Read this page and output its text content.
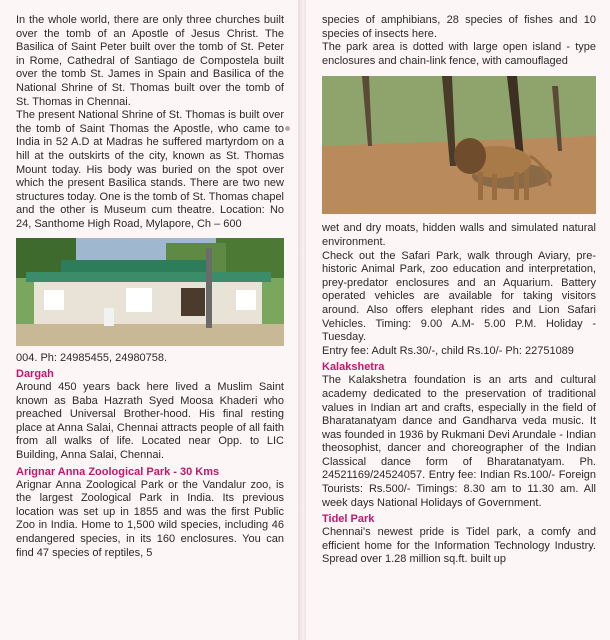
In the whole world, there are only three churches built over the tomb of an Apostle of Jesus Christ. The Basilica of Saint Peter built over the tomb of St. Peter in Rome, Cathedral of Santiago de Compostela built over the tomb St. James in Spain and Basilica of the National Shrine of St. Thomas built over the tomb of St. Thomas in Chennai.

The present National Shrine of St. Thomas is built over the tomb of Saint Thomas the Apostle, who came to India in 52 A.D at Madras he suffered martyrdom on a hill at the outskirts of the city, known as St. Thomas Mount today. His body was buried on the spot over which the present Basilica stands. There are two new structures today. One is the tomb of St. Thomas chapel and the other is Museum cum theatre. Location: No 24, Santhome High Road, Mylapore, Ch – 600

004. Ph: 24985455, 24980758.

Dargah

Around 450 years back here lived a Muslim Saint known as Baba Hazrath Syed Moosa Khaderi who preached Universal Brother-hood. His final resting place at Anna Salai, Chennai attracts people of all faith from all walks of life. Located near Opp. to LIC Building, Anna Salai, Chennai.

Arignar Anna Zoological Park - 30 Kms

Arignar Anna Zoological Park or the Vandalur zoo, is the largest Zoological Park in India. Its previous location was set up in 1855 and was the first Public Zoo in India. Home to 1,500 wild species, including 46 endangered species, in its 160 enclosures. You can find 47 species of reptiles, 5

species of amphibians, 28 species of fishes and 10 species of insects here.

The park area is dotted with large open island - type enclosures and chain-link fence, with camouflaged

wet and dry moats, hidden walls and simulated natural environment.

Check out the Safari Park, walk through Aviary, pre-historic Animal Park, zoo education and interpretation, prey-predator enclosures and an Aquarium. Battery operated vehicles are available for taking visitors around. Also offers elephant rides and Lion Safari Vehicles. Timing: 9.00 A.M- 5.00 P.M. Holiday - Tuesday.

Entry fee: Adult Rs.30/-, child Rs.10/- Ph: 22751089

Kalakshetra

The Kalakshetra foundation is an arts and cultural academy dedicated to the preservation of traditional values in Indian art and crafts, especially in the field of Bharatanatyam dance and Gandharva veda music. It was founded in 1936 by Rukmani Devi Arundale - Indian theosophist, dancer and choreographer of the Indian Classical dance form of Bharatanatyam. Ph. 24521169/24524057. Entry fee: Indian Rs.100/- Foreign Tourists: Rs.500/- Timings: 8.30 am to 11.30 am. All week days National Holidays of Government.

Tidel Park

Chennai's newest pride is Tidel park, a comfy and efficient home for the Information Technology Industry. Spread over 1.28 million sq.ft. built up
